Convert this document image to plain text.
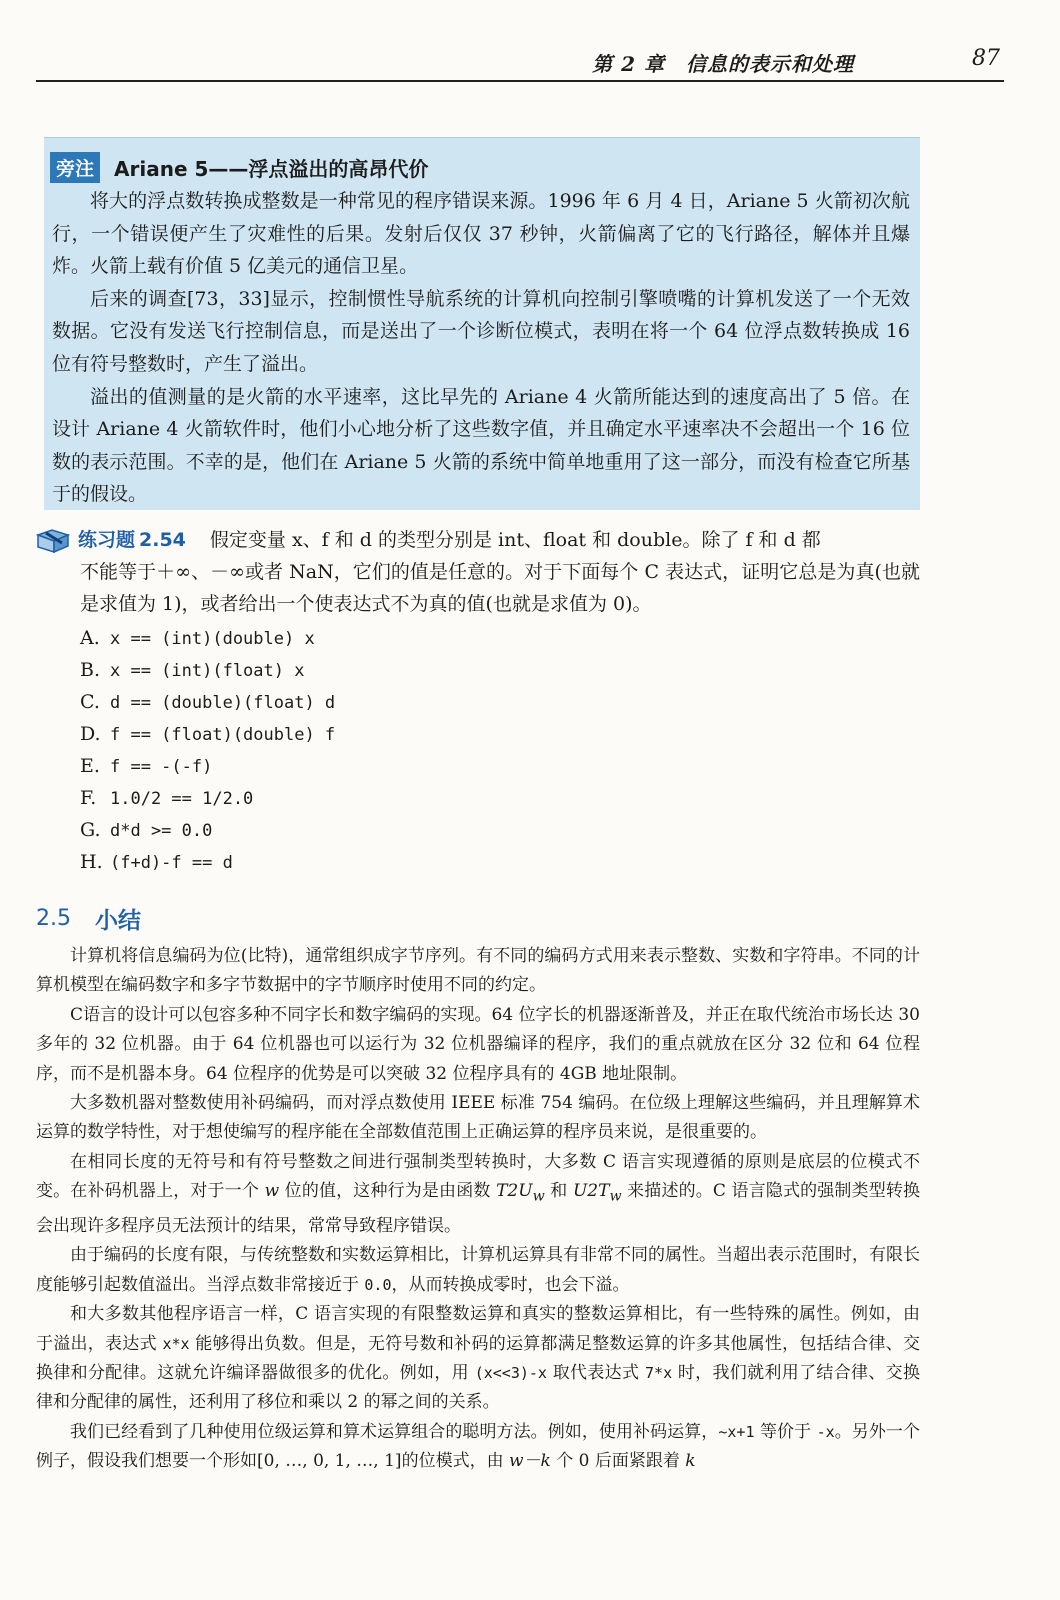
第 2 章　信息的表示和处理	87
旁注	Ariane 5——浮点溢出的高昂代价

将大的浮点数转换成整数是一种常见的程序错误来源。1996 年 6 月 4 日，Ariane 5 火箭初次航行，一个错误便产生了灾难性的后果。发射后仅仅 37 秒钟，火箭偏离了它的飞行路径，解体并且爆炸。火箭上载有价值 5 亿美元的通信卫星。

后来的调查[73，33]显示，控制惯性导航系统的计算机向控制引擎喷嘴的计算机发送了一个无效数据。它没有发送飞行控制信息，而是送出了一个诊断位模式，表明在将一个 64 位浮点数转换成 16 位有符号整数时，产生了溢出。

溢出的值测量的是火箭的水平速率，这比早先的 Ariane 4 火箭所能达到的速度高出了 5 倍。在设计 Ariane 4 火箭软件时，他们小心地分析了这些数字值，并且确定水平速率决不会超出一个 16 位数的表示范围。不幸的是，他们在 Ariane 5 火箭的系统中简单地重用了这一部分，而没有检查它所基于的假设。

练习题 2.54 假定变量 x、f 和 d 的类型分别是 int、float 和 double。除了 f 和 d 都
不能等于＋∞、－∞或者 NaN，它们的值是任意的。对于下面每个 C 表达式，证明它总是为真(也就是求值为 1)，或者给出一个使表达式不为真的值(也就是求值为 0)。
A. x == (int)(double) x
B. x == (int)(float) x
C. d == (double)(float) d
D. f == (float)(double) f
E. f == -(-f)
F. 1.0/2 == 1/2.0
G. d*d >= 0.0
H. (f+d)-f == d
2.5 小结

计算机将信息编码为位(比特)，通常组织成字节序列。有不同的编码方式用来表示整数、实数和字符串。不同的计算机模型在编码数字和多字节数据中的字节顺序时使用不同的约定。

C语言的设计可以包容多种不同字长和数字编码的实现。64 位字长的机器逐渐普及，并正在取代统治市场长达 30 多年的 32 位机器。由于 64 位机器也可以运行为 32 位机器编译的程序，我们的重点就放在区分 32 位和 64 位程序，而不是机器本身。64 位程序的优势是可以突破 32 位程序具有的 4GB 地址限制。

大多数机器对整数使用补码编码，而对浮点数使用 IEEE 标准 754 编码。在位级上理解这些编码，并且理解算术运算的数学特性，对于想使编写的程序能在全部数值范围上正确运算的程序员来说，是很重要的。

在相同长度的无符号和有符号整数之间进行强制类型转换时，大多数 C 语言实现遵循的原则是底层的位模式不变。在补码机器上，对于一个 w 位的值，这种行为是由函数 $T2U_w$ 和 $U2T_w$ 来描述的。C 语言隐式的强制类型转换会出现许多程序员无法预计的结果，常常导致程序错误。

由于编码的长度有限，与传统整数和实数运算相比，计算机运算具有非常不同的属性。当超出表示范围时，有限长度能够引起数值溢出。当浮点数非常接近于 0.0，从而转换成零时，也会下溢。

和大多数其他程序语言一样，C 语言实现的有限整数运算和真实的整数运算相比，有一些特殊的属性。例如，由于溢出，表达式 x*x 能够得出负数。但是，无符号数和补码的运算都满足整数运算的许多其他属性，包括结合律、交换律和分配律。这就允许编译器做很多的优化。例如，用 (x<<3)-x 取代表达式 7*x 时，我们就利用了结合律、交换律和分配律的属性，还利用了移位和乘以 2 的幂之间的关系。

我们已经看到了几种使用位级运算和算术运算组合的聪明方法。例如，使用补码运算，~x+1 等价于 -x。另外一个例子，假设我们想要一个形如[0, …, 0, 1, …, 1]的位模式，由 w－k 个 0 后面紧跟着 k
